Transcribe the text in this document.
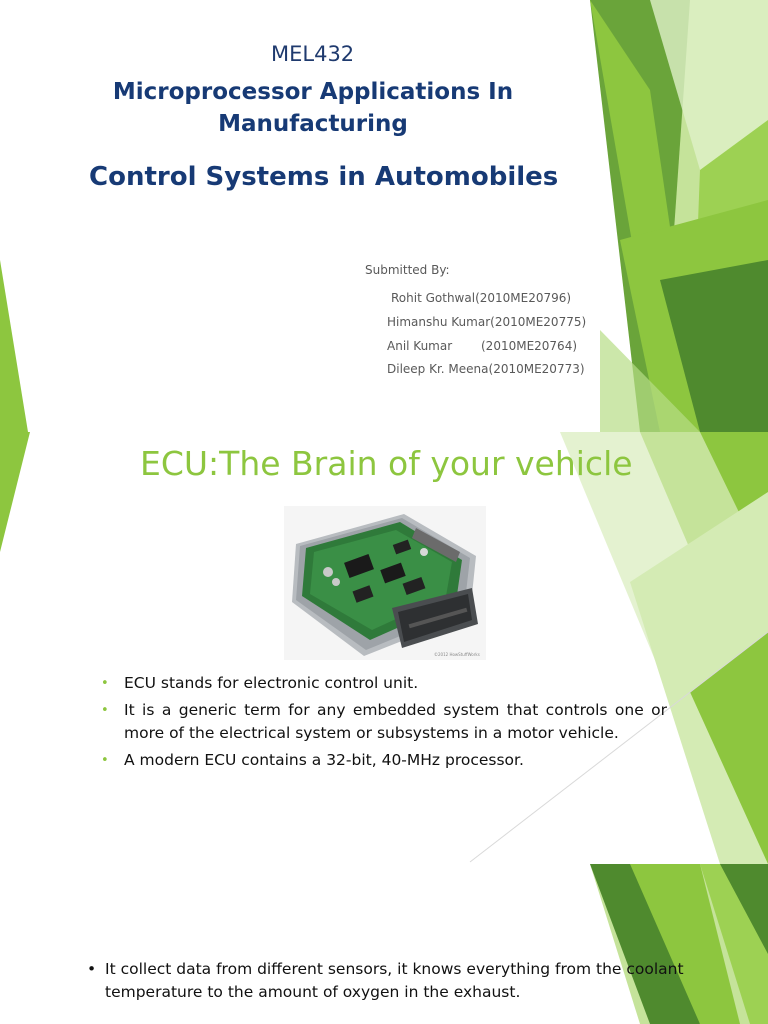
MEL432
Microprocessor Applications In Manufacturing
Control Systems in Automobiles
Submitted By:
Rohit Gothwal(2010ME20796)
Himanshu Kumar(2010ME20775)
Anil Kumar (2010ME20764)
Dileep Kr. Meena(2010ME20773)
ECU:The Brain of your vehicle
©2012 HowStuffWorks
• ECU stands for electronic control unit.
• It is a generic term for any embedded system that controls one or more of the electrical system or subsystems in a motor vehicle.
• A modern ECU contains a 32-bit, 40-MHz processor.
• It collect data from different sensors, it knows everything from the coolant temperature to the amount of oxygen in the exhaust.
